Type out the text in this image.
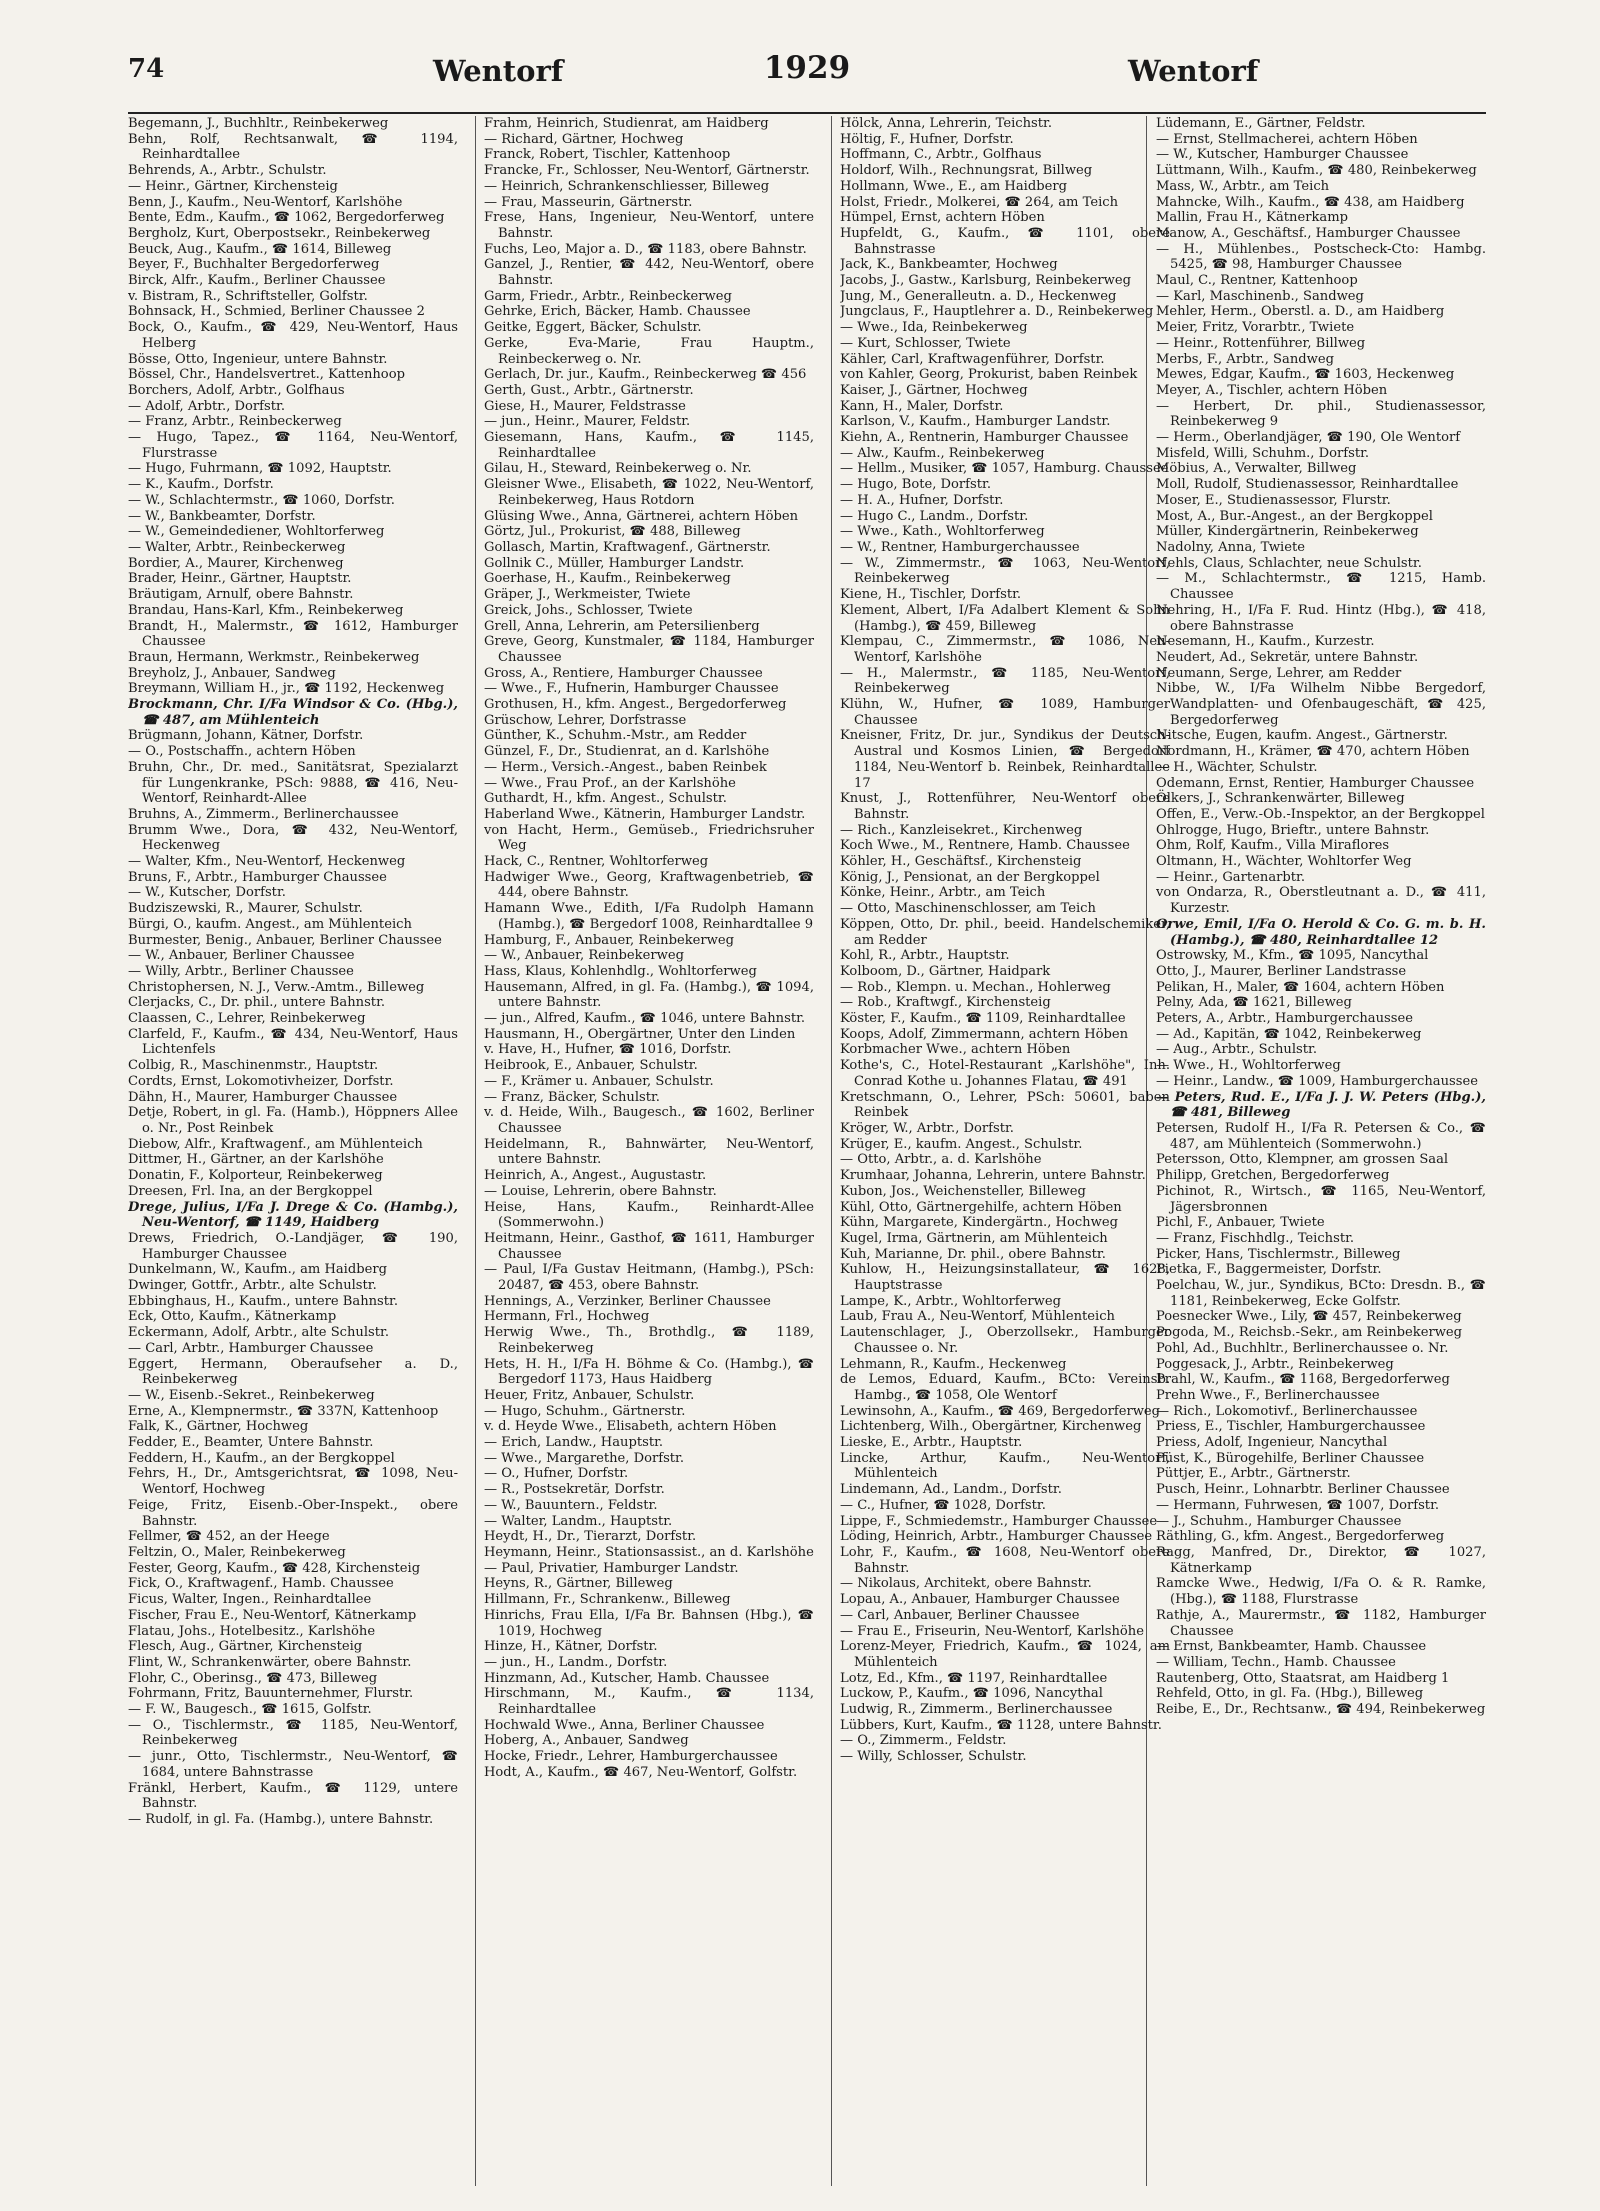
74	Wentorf	1929	Wentorf

Begemann, J., Buchhltr., Reinbekerweg

Behn, Rolf, Rechtsanwalt, ☎ 1194, Reinhardtallee

Behrends, A., Arbtr., Schulstr.

— Heinr., Gärtner, Kirchensteig

Benn, J., Kaufm., Neu-Wentorf, Karlshöhe

Bente, Edm., Kaufm., ☎ 1062, Bergedorferweg

Bergholz, Kurt, Oberpostsekr., Reinbekerweg

Beuck, Aug., Kaufm., ☎ 1614, Billeweg

Beyer, F., Buchhalter Bergedorferweg

Birck, Alfr., Kaufm., Berliner Chaussee

v. Bistram, R., Schriftsteller, Golfstr.

Bohnsack, H., Schmied, Berliner Chaussee 2

Bock, O., Kaufm., ☎ 429, Neu-Wentorf, Haus Helberg

Bösse, Otto, Ingenieur, untere Bahnstr.

Bössel, Chr., Handelsvertret., Kattenhoop

Borchers, Adolf, Arbtr., Golfhaus

— Adolf, Arbtr., Dorfstr.

— Franz, Arbtr., Reinbeckerweg

— Hugo, Tapez., ☎ 1164, Neu-Wentorf, Flurstrasse

— Hugo, Fuhrmann, ☎ 1092, Hauptstr.

— K., Kaufm., Dorfstr.

— W., Schlachtermstr., ☎ 1060, Dorfstr.

— W., Bankbeamter, Dorfstr.

— W., Gemeindediener, Wohltorferweg

— Walter, Arbtr., Reinbeckerweg

Bordier, A., Maurer, Kirchenweg

Brader, Heinr., Gärtner, Hauptstr.

Bräutigam, Arnulf, obere Bahnstr.

Brandau, Hans-Karl, Kfm., Reinbekerweg

Brandt, H., Malermstr., ☎ 1612, Hamburger Chaussee

Braun, Hermann, Werkmstr., Reinbekerweg

Breyholz, J., Anbauer, Sandweg

Breymann, William H., jr., ☎ 1192, Heckenweg

Brockmann, Chr. I/Fa Windsor & Co. (Hbg.), ☎ 487, am Mühlenteich

Brügmann, Johann, Kätner, Dorfstr.

— O., Postschaffn., achtern Höben

Bruhn, Chr., Dr. med., Sanitätsrat, Spezialarzt für Lungenkranke, PSch: 9888, ☎ 416, Neu-Wentorf, Reinhardt-Allee

Bruhns, A., Zimmerm., Berlinerchaussee

Brumm Wwe., Dora, ☎ 432, Neu-Wentorf, Heckenweg

— Walter, Kfm., Neu-Wentorf, Heckenweg

Bruns, F., Arbtr., Hamburger Chaussee

— W., Kutscher, Dorfstr.

Budziszewski, R., Maurer, Schulstr.

Bürgi, O., kaufm. Angest., am Mühlenteich

Burmester, Benig., Anbauer, Berliner Chaussee

— W., Anbauer, Berliner Chaussee

— Willy, Arbtr., Berliner Chaussee

Christophersen, N. J., Verw.-Amtm., Billeweg

Clerjacks, C., Dr. phil., untere Bahnstr.

Claassen, C., Lehrer, Reinbekerweg

Clarfeld, F., Kaufm., ☎ 434, Neu-Wentorf, Haus Lichtenfels

Colbig, R., Maschinenmstr., Hauptstr.

Cordts, Ernst, Lokomotivheizer, Dorfstr.

Dähn, H., Maurer, Hamburger Chaussee

Detje, Robert, in gl. Fa. (Hamb.), Höppners Allee o. Nr., Post Reinbek

Diebow, Alfr., Kraftwagenf., am Mühlenteich

Dittmer, H., Gärtner, an der Karlshöhe

Donatin, F., Kolporteur, Reinbekerweg

Dreesen, Frl. Ina, an der Bergkoppel

Drege, Julius, I/Fa J. Drege & Co. (Hambg.), Neu-Wentorf, ☎ 1149, Haidberg

Drews, Friedrich, O.-Landjäger, ☎ 190, Hamburger Chaussee

Dunkelmann, W., Kaufm., am Haidberg

Dwinger, Gottfr., Arbtr., alte Schulstr.

Ebbinghaus, H., Kaufm., untere Bahnstr.

Eck, Otto, Kaufm., Kätnerkamp

Eckermann, Adolf, Arbtr., alte Schulstr.

— Carl, Arbtr., Hamburger Chaussee

Eggert, Hermann, Oberaufseher a. D., Reinbekerweg

— W., Eisenb.-Sekret., Reinbekerweg

Erne, A., Klempnermstr., ☎ 337N, Kattenhoop

Falk, K., Gärtner, Hochweg

Fedder, E., Beamter, Untere Bahnstr.

Feddern, H., Kaufm., an der Bergkoppel

Fehrs, H., Dr., Amtsgerichtsrat, ☎ 1098, Neu-Wentorf, Hochweg

Feige, Fritz, Eisenb.-Ober-Inspekt., obere Bahnstr.

Fellmer, ☎ 452, an der Heege

Feltzin, O., Maler, Reinbekerweg

Fester, Georg, Kaufm., ☎ 428, Kirchensteig

Fick, O., Kraftwagenf., Hamb. Chaussee

Ficus, Walter, Ingen., Reinhardtallee

Fischer, Frau E., Neu-Wentorf, Kätnerkamp

Flatau, Johs., Hotelbesitz., Karlshöhe

Flesch, Aug., Gärtner, Kirchensteig

Flint, W., Schrankenwärter, obere Bahnstr.

Flohr, C., Oberinsg., ☎ 473, Billeweg

Fohrmann, Fritz, Bauunternehmer, Flurstr.

— F. W., Baugesch., ☎ 1615, Golfstr.

— O., Tischlermstr., ☎ 1185, Neu-Wentorf, Reinbekerweg

— junr., Otto, Tischlermstr., Neu-Wentorf, ☎ 1684, untere Bahnstrasse

Fränkl, Herbert, Kaufm., ☎ 1129, untere Bahnstr.

— Rudolf, in gl. Fa. (Hambg.), untere Bahnstr.

Frahm, Heinrich, Studienrat, am Haidberg

— Richard, Gärtner, Hochweg

Franck, Robert, Tischler, Kattenhoop

Francke, Fr., Schlosser, Neu-Wentorf, Gärtnerstr.

— Heinrich, Schrankenschliesser, Billeweg

— Frau, Masseurin, Gärtnerstr.

Frese, Hans, Ingenieur, Neu-Wentorf, untere Bahnstr.

Fuchs, Leo, Major a. D., ☎ 1183, obere Bahnstr.

Ganzel, J., Rentier, ☎ 442, Neu-Wentorf, obere Bahnstr.

Garm, Friedr., Arbtr., Reinbeckerweg

Gehrke, Erich, Bäcker, Hamb. Chaussee

Geitke, Eggert, Bäcker, Schulstr.

Gerke, Eva-Marie, Frau Hauptm., Reinbeckerweg o. Nr.

Gerlach, Dr. jur., Kaufm., Reinbeckerweg ☎ 456

Gerth, Gust., Arbtr., Gärtnerstr.

Giese, H., Maurer, Feldstrasse

— jun., Heinr., Maurer, Feldstr.

Giesemann, Hans, Kaufm., ☎ 1145, Reinhardtallee

Gilau, H., Steward, Reinbekerweg o. Nr.

Gleisner Wwe., Elisabeth, ☎ 1022, Neu-Wentorf, Reinbekerweg, Haus Rotdorn

Glüsing Wwe., Anna, Gärtnerei, achtern Höben

Görtz, Jul., Prokurist, ☎ 488, Billeweg

Gollasch, Martin, Kraftwagenf., Gärtnerstr.

Gollnik C., Müller, Hamburger Landstr.

Goerhase, H., Kaufm., Reinbekerweg

Gräper, J., Werkmeister, Twiete

Greick, Johs., Schlosser, Twiete

Grell, Anna, Lehrerin, am Petersilienberg

Greve, Georg, Kunstmaler, ☎ 1184, Hamburger Chaussee

Gross, A., Rentiere, Hamburger Chaussee

— Wwe., F., Hufnerin, Hamburger Chaussee

Grothusen, H., kfm. Angest., Bergedorferweg

Grüschow, Lehrer, Dorfstrasse

Günther, K., Schuhm.-Mstr., am Redder

Günzel, F., Dr., Studienrat, an d. Karlshöhe

— Herm., Versich.-Angest., baben Reinbek

— Wwe., Frau Prof., an der Karlshöhe

Guthardt, H., kfm. Angest., Schulstr.

Haberland Wwe., Kätnerin, Hamburger Landstr.

von Hacht, Herm., Gemüseb., Friedrichsruher Weg

Hack, C., Rentner, Wohltorferweg

Hadwiger Wwe., Georg, Kraftwagenbetrieb, ☎ 444, obere Bahnstr.

Hamann Wwe., Edith, I/Fa Rudolph Hamann (Hambg.), ☎ Bergedorf 1008, Reinhardtallee 9

Hamburg, F., Anbauer, Reinbekerweg

— W., Anbauer, Reinbekerweg

Hass, Klaus, Kohlenhdlg., Wohltorferweg

Hausemann, Alfred, in gl. Fa. (Hambg.), ☎ 1094, untere Bahnstr.

— jun., Alfred, Kaufm., ☎ 1046, untere Bahnstr.

Hausmann, H., Obergärtner, Unter den Linden

v. Have, H., Hufner, ☎ 1016, Dorfstr.

Heibrook, E., Anbauer, Schulstr.

— F., Krämer u. Anbauer, Schulstr.

— Franz, Bäcker, Schulstr.

v. d. Heide, Wilh., Baugesch., ☎ 1602, Berliner Chaussee

Heidelmann, R., Bahnwärter, Neu-Wentorf, untere Bahnstr.

Heinrich, A., Angest., Augustastr.

— Louise, Lehrerin, obere Bahnstr.

Heise, Hans, Kaufm., Reinhardt-Allee (Sommerwohn.)

Heitmann, Heinr., Gasthof, ☎ 1611, Hamburger Chaussee

— Paul, I/Fa Gustav Heitmann, (Hambg.), PSch: 20487, ☎ 453, obere Bahnstr.

Hennings, A., Verzinker, Berliner Chaussee

Hermann, Frl., Hochweg

Herwig Wwe., Th., Brothdlg., ☎ 1189, Reinbekerweg

Hets, H. H., I/Fa H. Böhme & Co. (Hambg.), ☎ Bergedorf 1173, Haus Haidberg

Heuer, Fritz, Anbauer, Schulstr.

— Hugo, Schuhm., Gärtnerstr.

v. d. Heyde Wwe., Elisabeth, achtern Höben

— Erich, Landw., Hauptstr.

— Wwe., Margarethe, Dorfstr.

— O., Hufner, Dorfstr.

— R., Postsekretär, Dorfstr.

— W., Bauuntern., Feldstr.

— Walter, Landm., Hauptstr.

Heydt, H., Dr., Tierarzt, Dorfstr.

Heymann, Heinr., Stationsassist., an d. Karlshöhe

— Paul, Privatier, Hamburger Landstr.

Heyns, R., Gärtner, Billeweg

Hillmann, Fr., Schrankenw., Billeweg

Hinrichs, Frau Ella, I/Fa Br. Bahnsen (Hbg.), ☎ 1019, Hochweg

Hinze, H., Kätner, Dorfstr.

— jun., H., Landm., Dorfstr.

Hinzmann, Ad., Kutscher, Hamb. Chaussee

Hirschmann, M., Kaufm., ☎ 1134, Reinhardtallee

Hochwald Wwe., Anna, Berliner Chaussee

Hoberg, A., Anbauer, Sandweg

Hocke, Friedr., Lehrer, Hamburgerchaussee

Hodt, A., Kaufm., ☎ 467, Neu-Wentorf, Golfstr.

Hölck, Anna, Lehrerin, Teichstr.

Höltig, F., Hufner, Dorfstr.

Hoffmann, C., Arbtr., Golfhaus

Holdorf, Wilh., Rechnungsrat, Billweg

Hollmann, Wwe., E., am Haidberg

Holst, Friedr., Molkerei, ☎ 264, am Teich

Hümpel, Ernst, achtern Höben

Hupfeldt, G., Kaufm., ☎ 1101, obere Bahnstrasse

Jack, K., Bankbeamter, Hochweg

Jacobs, J., Gastw., Karlsburg, Reinbekerweg

Jung, M., Generalleutn. a. D., Heckenweg

Jungclaus, F., Hauptlehrer a. D., Reinbekerweg

— Wwe., Ida, Reinbekerweg

— Kurt, Schlosser, Twiete

Kähler, Carl, Kraftwagenführer, Dorfstr.

von Kahler, Georg, Prokurist, baben Reinbek

Kaiser, J., Gärtner, Hochweg

Kann, H., Maler, Dorfstr.

Karlson, V., Kaufm., Hamburger Landstr.

Kiehn, A., Rentnerin, Hamburger Chaussee

— Alw., Kaufm., Reinbekerweg

— Hellm., Musiker, ☎ 1057, Hamburg. Chaussee

— Hugo, Bote, Dorfstr.

— H. A., Hufner, Dorfstr.

— Hugo C., Landm., Dorfstr.

— Wwe., Kath., Wohltorferweg

— W., Rentner, Hamburgerchaussee

— W., Zimmermstr., ☎ 1063, Neu-Wentorf, Reinbekerweg

Kiene, H., Tischler, Dorfstr.

Klement, Albert, I/Fa Adalbert Klement & Sohn (Hambg.), ☎ 459, Billeweg

Klempau, C., Zimmermstr., ☎ 1086, Neu-Wentorf, Karlshöhe

— H., Malermstr., ☎ 1185, Neu-Wentorf, Reinbekerweg

Klühn, W., Hufner, ☎ 1089, Hamburger Chaussee

Kneisner, Fritz, Dr. jur., Syndikus der Deutsch-Austral und Kosmos Linien, ☎ Bergedorf 1184, Neu-Wentorf b. Reinbek, Reinhardtallee 17

Knust, J., Rottenführer, Neu-Wentorf obere Bahnstr.

— Rich., Kanzleisekret., Kirchenweg

Koch Wwe., M., Rentnere, Hamb. Chaussee

Köhler, H., Geschäftsf., Kirchensteig

König, J., Pensionat, an der Bergkoppel

Könke, Heinr., Arbtr., am Teich

— Otto, Maschinenschlosser, am Teich

Köppen, Otto, Dr. phil., beeid. Handelschemiker, am Redder

Kohl, R., Arbtr., Hauptstr.

Kolboom, D., Gärtner, Haidpark

— Rob., Klempn. u. Mechan., Hohlerweg

— Rob., Kraftwgf., Kirchensteig

Köster, F., Kaufm., ☎ 1109, Reinhardtallee

Koops, Adolf, Zimmermann, achtern Höben

Korbmacher Wwe., achtern Höben

Kothe's, C., Hotel-Restaurant „Karlshöhe", Inh. Conrad Kothe u. Johannes Flatau, ☎ 491

Kretschmann, O., Lehrer, PSch: 50601, baben Reinbek

Kröger, W., Arbtr., Dorfstr.

Krüger, E., kaufm. Angest., Schulstr.

— Otto, Arbtr., a. d. Karlshöhe

Krumhaar, Johanna, Lehrerin, untere Bahnstr.

Kubon, Jos., Weichensteller, Billeweg

Kühl, Otto, Gärtnergehilfe, achtern Höben

Kühn, Margarete, Kindergärtn., Hochweg

Kugel, Irma, Gärtnerin, am Mühlenteich

Kuh, Marianne, Dr. phil., obere Bahnstr.

Kuhlow, H., Heizungsinstallateur, ☎ 1628, Hauptstrasse

Lampe, K., Arbtr., Wohltorferweg

Laub, Frau A., Neu-Wentorf, Mühlenteich

Lautenschlager, J., Oberzollsekr., Hamburger Chaussee o. Nr.

Lehmann, R., Kaufm., Heckenweg

de Lemos, Eduard, Kaufm., BCto: Vereinsb. Hambg., ☎ 1058, Ole Wentorf

Lewinsohn, A., Kaufm., ☎ 469, Bergedorferweg

Lichtenberg, Wilh., Obergärtner, Kirchenweg

Lieske, E., Arbtr., Hauptstr.

Lincke, Arthur, Kaufm., Neu-Wentorf, Mühlenteich

Lindemann, Ad., Landm., Dorfstr.

— C., Hufner, ☎ 1028, Dorfstr.

Lippe, F., Schmiedemstr., Hamburger Chaussee

Löding, Heinrich, Arbtr., Hamburger Chaussee

Lohr, F., Kaufm., ☎ 1608, Neu-Wentorf obere Bahnstr.

— Nikolaus, Architekt, obere Bahnstr.

Lopau, A., Anbauer, Hamburger Chaussee

— Carl, Anbauer, Berliner Chaussee

— Frau E., Friseurin, Neu-Wentorf, Karlshöhe

Lorenz-Meyer, Friedrich, Kaufm., ☎ 1024, am Mühlenteich

Lotz, Ed., Kfm., ☎ 1197, Reinhardtallee

Luckow, P., Kaufm., ☎ 1096, Nancythal

Ludwig, R., Zimmerm., Berlinerchaussee

Lübbers, Kurt, Kaufm., ☎ 1128, untere Bahnstr.

— O., Zimmerm., Feldstr.

— Willy, Schlosser, Schulstr.

Lüdemann, E., Gärtner, Feldstr.

— Ernst, Stellmacherei, achtern Höben

— W., Kutscher, Hamburger Chaussee

Lüttmann, Wilh., Kaufm., ☎ 480, Reinbekerweg

Mass, W., Arbtr., am Teich

Mahncke, Wilh., Kaufm., ☎ 438, am Haidberg

Mallin, Frau H., Kätnerkamp

Manow, A., Geschäftsf., Hamburger Chaussee

— H., Mühlenbes., Postscheck-Cto: Hambg. 5425, ☎ 98, Hamburger Chaussee

Maul, C., Rentner, Kattenhoop

— Karl, Maschinenb., Sandweg

Mehler, Herm., Oberstl. a. D., am Haidberg

Meier, Fritz, Vorarbtr., Twiete

— Heinr., Rottenführer, Billweg

Merbs, F., Arbtr., Sandweg

Mewes, Edgar, Kaufm., ☎ 1603, Heckenweg

Meyer, A., Tischler, achtern Höben

— Herbert, Dr. phil., Studienassessor, Reinbekerweg 9

— Herm., Oberlandjäger, ☎ 190, Ole Wentorf

Misfeld, Willi, Schuhm., Dorfstr.

Möbius, A., Verwalter, Billweg

Moll, Rudolf, Studienassessor, Reinhardtallee

Moser, E., Studienassessor, Flurstr.

Most, A., Bur.-Angest., an der Bergkoppel

Müller, Kindergärtnerin, Reinbekerweg

Nadolny, Anna, Twiete

Nehls, Claus, Schlachter, neue Schulstr.

— M., Schlachtermstr., ☎ 1215, Hamb. Chaussee

Nehring, H., I/Fa F. Rud. Hintz (Hbg.), ☎ 418, obere Bahnstrasse

Nesemann, H., Kaufm., Kurzestr.

Neudert, Ad., Sekretär, untere Bahnstr.

Neumann, Serge, Lehrer, am Redder

Nibbe, W., I/Fa Wilhelm Nibbe Bergedorf, Wandplatten- und Ofenbaugeschäft, ☎ 425, Bergedorferweg

Nitsche, Eugen, kaufm. Angest., Gärtnerstr.

Nordmann, H., Krämer, ☎ 470, achtern Höben

— H., Wächter, Schulstr.

Odemann, Ernst, Rentier, Hamburger Chaussee

Ölkers, J., Schrankenwärter, Billeweg

Offen, E., Verw.-Ob.-Inspektor, an der Bergkoppel

Ohlrogge, Hugo, Brieftr., untere Bahnstr.

Ohm, Rolf, Kaufm., Villa Miraflores

Oltmann, H., Wächter, Wohltorfer Weg

— Heinr., Gartenarbtr.

von Ondarza, R., Oberstleutnant a. D., ☎ 411, Kurzestr.

Orwe, Emil, I/Fa O. Herold & Co. G. m. b. H. (Hambg.), ☎ 480, Reinhardtallee 12

Ostrowsky, M., Kfm., ☎ 1095, Nancythal

Otto, J., Maurer, Berliner Landstrasse

Pelikan, H., Maler, ☎ 1604, achtern Höben

Pelny, Ada, ☎ 1621, Billeweg

Peters, A., Arbtr., Hamburgerchaussee

— Ad., Kapitän, ☎ 1042, Reinbekerweg

— Aug., Arbtr., Schulstr.

— Wwe., H., Wohltorferweg

— Heinr., Landw., ☎ 1009, Hamburgerchaussee

— Peters, Rud. E., I/Fa J. J. W. Peters (Hbg.), ☎ 481, Billeweg

Petersen, Rudolf H., I/Fa R. Petersen & Co., ☎ 487, am Mühlenteich (Sommerwohn.)

Petersson, Otto, Klempner, am grossen Saal

Philipp, Gretchen, Bergedorferweg

Pichinot, R., Wirtsch., ☎ 1165, Neu-Wentorf, Jägersbronnen

Pichl, F., Anbauer, Twiete

— Franz, Fischhdlg., Teichstr.

Picker, Hans, Tischlermstr., Billeweg

Pietka, F., Baggermeister, Dorfstr.

Poelchau, W., jur., Syndikus, BCto: Dresdn. B., ☎ 1181, Reinbekerweg, Ecke Golfstr.

Poesnecker Wwe., Lily, ☎ 457, Reinbekerweg

Pogoda, M., Reichsb.-Sekr., am Reinbekerweg

Pohl, Ad., Buchhltr., Berlinerchaussee o. Nr.

Poggesack, J., Arbtr., Reinbekerweg

Prahl, W., Kaufm., ☎ 1168, Bergedorferweg

Prehn Wwe., F., Berlinerchaussee

— Rich., Lokomotivf., Berlinerchaussee

Priess, E., Tischler, Hamburgerchaussee

Priess, Adolf, Ingenieur, Nancythal

Püst, K., Bürogehilfe, Berliner Chaussee

Püttjer, E., Arbtr., Gärtnerstr.

Pusch, Heinr., Lohnarbtr. Berliner Chaussee

— Hermann, Fuhrwesen, ☎ 1007, Dorfstr.

— J., Schuhm., Hamburger Chaussee

Räthling, G., kfm. Angest., Bergedorferweg

Ragg, Manfred, Dr., Direktor, ☎ 1027, Kätnerkamp

Ramcke Wwe., Hedwig, I/Fa O. & R. Ramke, (Hbg.), ☎ 1188, Flurstrasse

Rathje, A., Maurermstr., ☎ 1182, Hamburger Chaussee

— Ernst, Bankbeamter, Hamb. Chaussee

— William, Techn., Hamb. Chaussee

Rautenberg, Otto, Staatsrat, am Haidberg 1

Rehfeld, Otto, in gl. Fa. (Hbg.), Billeweg

Reibe, E., Dr., Rechtsanw., ☎ 494, Reinbekerweg
